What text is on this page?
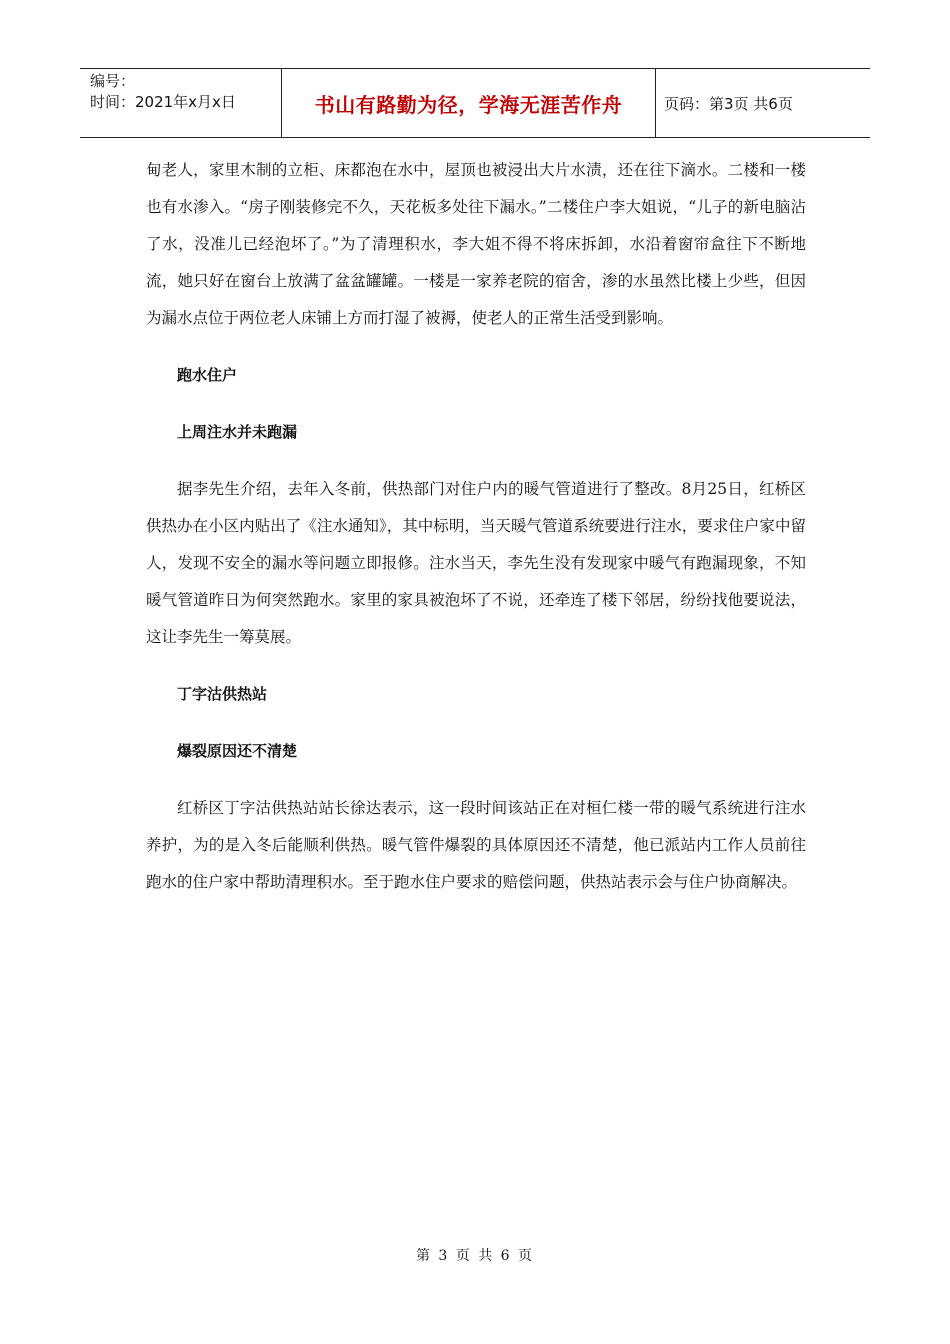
编号：
时间：2021年x月x日	书山有路勤为径，学海无涯苦作舟	页码：第3页 共6页

甸老人，家里木制的立柜、床都泡在水中，屋顶也被浸出大片水渍，还在往下滴水。二楼和一楼也有水渗入。“房子刚装修完不久，天花板多处往下漏水。”二楼住户李大姐说，“儿子的新电脑沾了水，没准儿已经泡坏了。”为了清理积水，李大姐不得不将床拆卸，水沿着窗帘盒往下不断地流，她只好在窗台上放满了盆盆罐罐。一楼是一家养老院的宿舍，渗的水虽然比楼上少些，但因为漏水点位于两位老人床铺上方而打湿了被褥，使老人的正常生活受到影响。

跑水住户

上周注水并未跑漏

据李先生介绍，去年入冬前，供热部门对住户内的暖气管道进行了整改。8月25日，红桥区供热办在小区内贴出了《注水通知》，其中标明，当天暖气管道系统要进行注水，要求住户家中留人，发现不安全的漏水等问题立即报修。注水当天，李先生没有发现家中暖气有跑漏现象，不知暖气管道昨日为何突然跑水。家里的家具被泡坏了不说，还牵连了楼下邻居，纷纷找他要说法，这让李先生一筹莫展。

丁字沽供热站

爆裂原因还不清楚

红桥区丁字沽供热站站长徐达表示，这一段时间该站正在对桓仁楼一带的暖气系统进行注水养护，为的是入冬后能顺利供热。暖气管件爆裂的具体原因还不清楚，他已派站内工作人员前往跑水的住户家中帮助清理积水。至于跑水住户要求的赔偿问题，供热站表示会与住户协商解决。

第 3 页 共 6 页
